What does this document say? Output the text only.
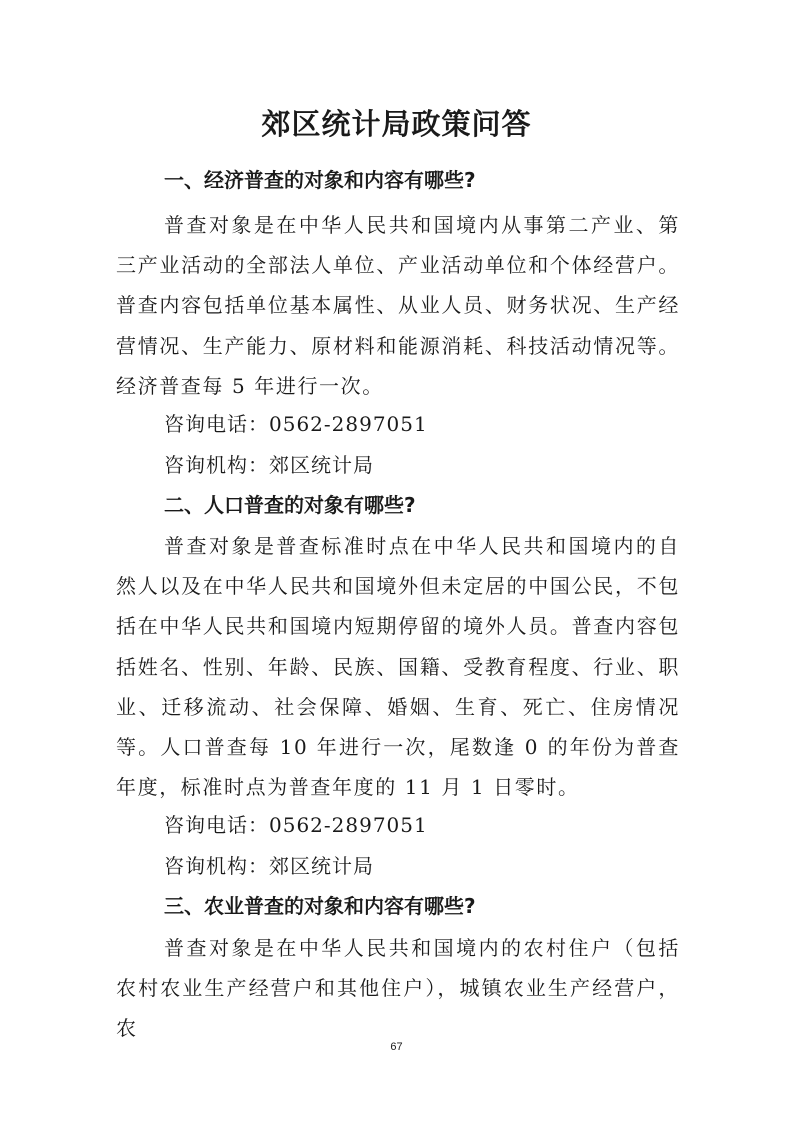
郊区统计局政策问答
一、经济普查的对象和内容有哪些?
普查对象是在中华人民共和国境内从事第二产业、第三产业活动的全部法人单位、产业活动单位和个体经营户。普查内容包括单位基本属性、从业人员、财务状况、生产经营情况、生产能力、原材料和能源消耗、科技活动情况等。经济普查每 5 年进行一次。
咨询电话：0562-2897051
咨询机构：郊区统计局
二、人口普查的对象有哪些?
普查对象是普查标准时点在中华人民共和国境内的自然人以及在中华人民共和国境外但未定居的中国公民，不包括在中华人民共和国境内短期停留的境外人员。普查内容包括姓名、性别、年龄、民族、国籍、受教育程度、行业、职业、迁移流动、社会保障、婚姻、生育、死亡、住房情况等。人口普查每 10 年进行一次，尾数逢 0 的年份为普查年度，标准时点为普查年度的 11 月 1 日零时。
咨询电话：0562-2897051
咨询机构：郊区统计局
三、农业普查的对象和内容有哪些?
普查对象是在中华人民共和国境内的农村住户（包括农村农业生产经营户和其他住户），城镇农业生产经营户，农
67
